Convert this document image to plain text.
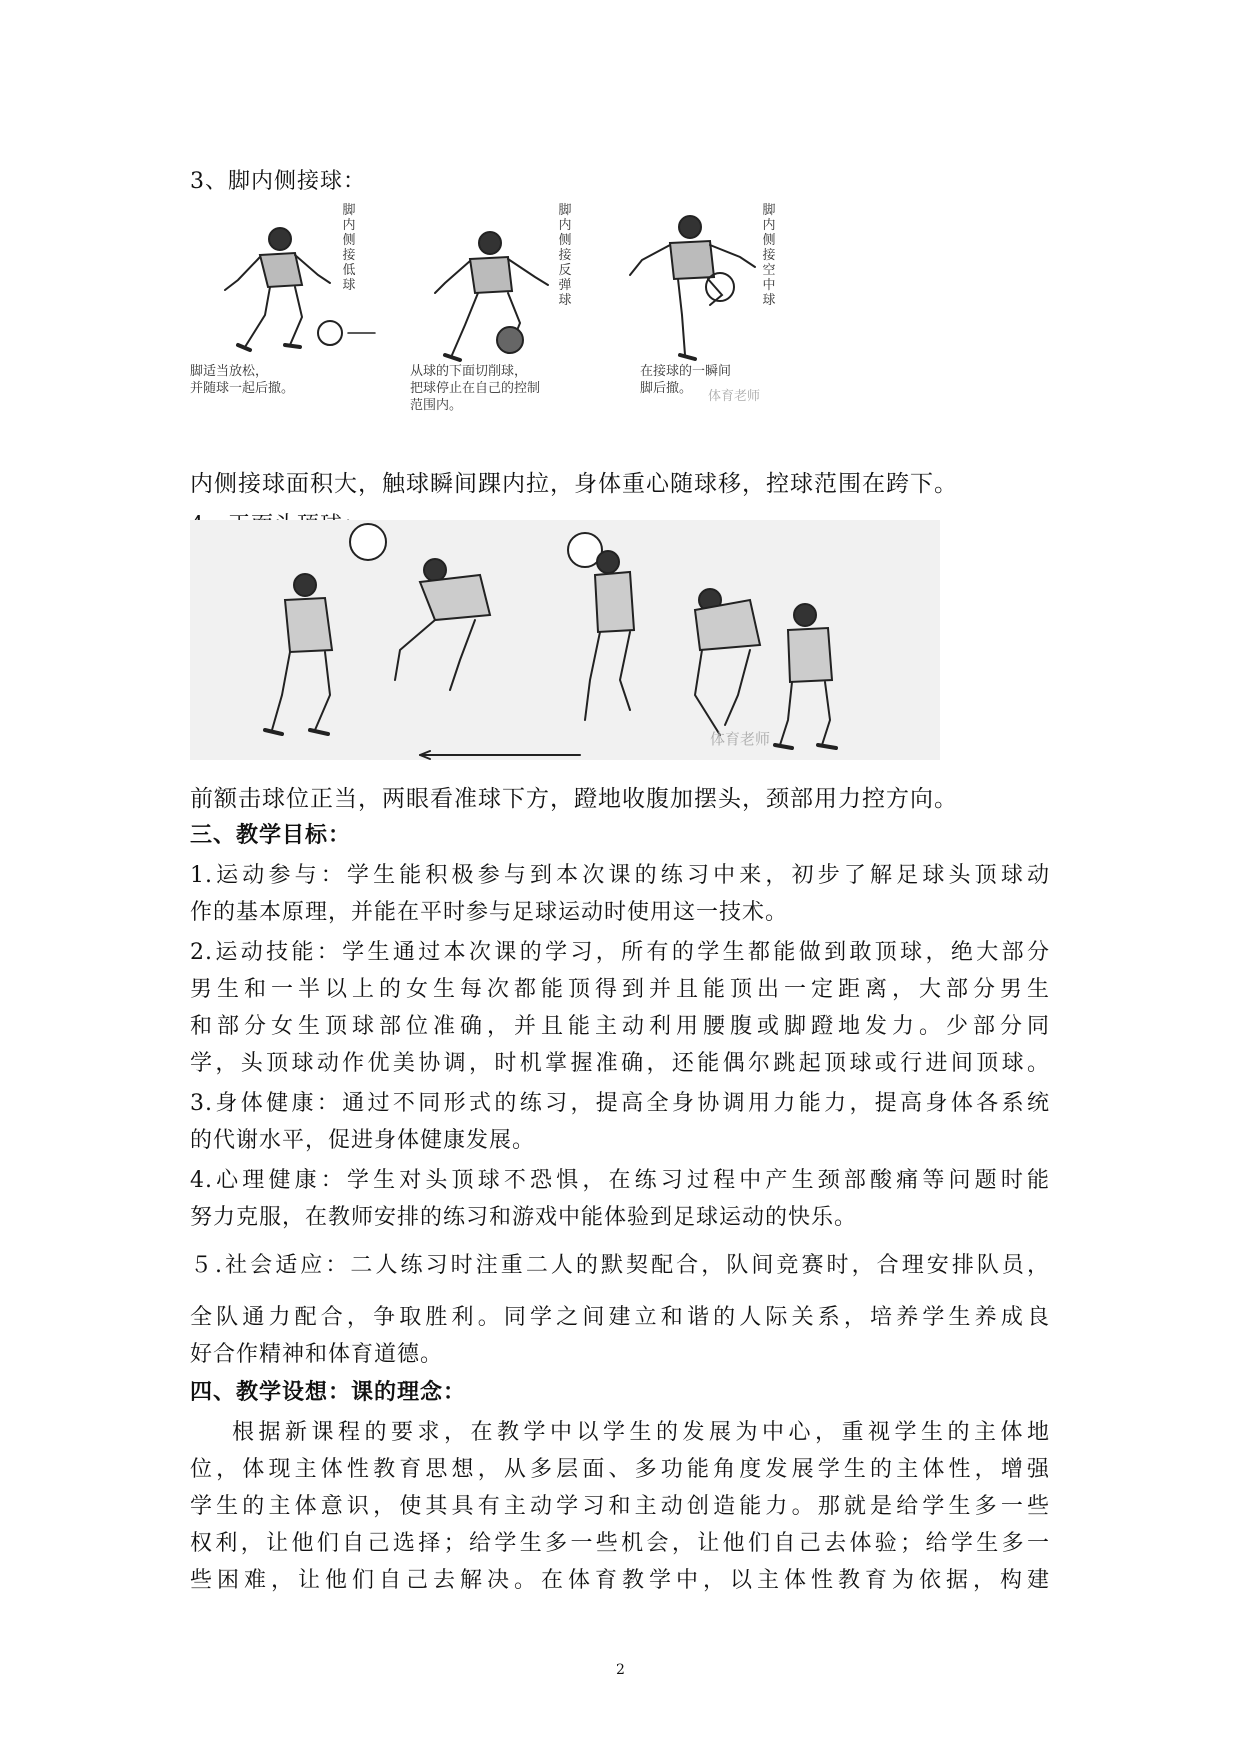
3、脚内侧接球：
脚内侧接低球
脚内侧接反弹球
脚内侧接空中球
脚适当放松，
并随球一起后撤。
从球的下面切削球，
把球停止在自己的控制
范围内。
在接球的一瞬间
脚后撤。
体育老师
内侧接球面积大，触球瞬间踝内拉，身体重心随球移，控球范围在跨下。
体育老师
前额击球位正当，两眼看准球下方，蹬地收腹加摆头，颈部用力控方向。
三、教学目标：
1.运动参与：学生能积极参与到本次课的练习中来，初步了解足球头顶球动
作的基本原理，并能在平时参与足球运动时使用这一技术。
2.运动技能：学生通过本次课的学习，所有的学生都能做到敢顶球，绝大部分
男生和一半以上的女生每次都能顶得到并且能顶出一定距离，大部分男生
和部分女生顶球部位准确，并且能主动利用腰腹或脚蹬地发力。少部分同
学，头顶球动作优美协调，时机掌握准确，还能偶尔跳起顶球或行进间顶球。
3.身体健康：通过不同形式的练习，提高全身协调用力能力，提高身体各系统
的代谢水平，促进身体健康发展。
4.心理健康：学生对头顶球不恐惧，在练习过程中产生颈部酸痛等问题时能
努力克服，在教师安排的练习和游戏中能体验到足球运动的快乐。
５.社会适应：二人练习时注重二人的默契配合，队间竞赛时，合理安排队员，
全队通力配合，争取胜利。同学之间建立和谐的人际关系，培养学生养成良
好合作精神和体育道德。
四、教学设想：课的理念：
根据新课程的要求，在教学中以学生的发展为中心，重视学生的主体地
位，体现主体性教育思想，从多层面、多功能角度发展学生的主体性，增强
学生的主体意识，使其具有主动学习和主动创造能力。那就是给学生多一些
权利，让他们自己选择；给学生多一些机会，让他们自己去体验；给学生多一
些困难，让他们自己去解决。在体育教学中，以主体性教育为依据，构建
2
